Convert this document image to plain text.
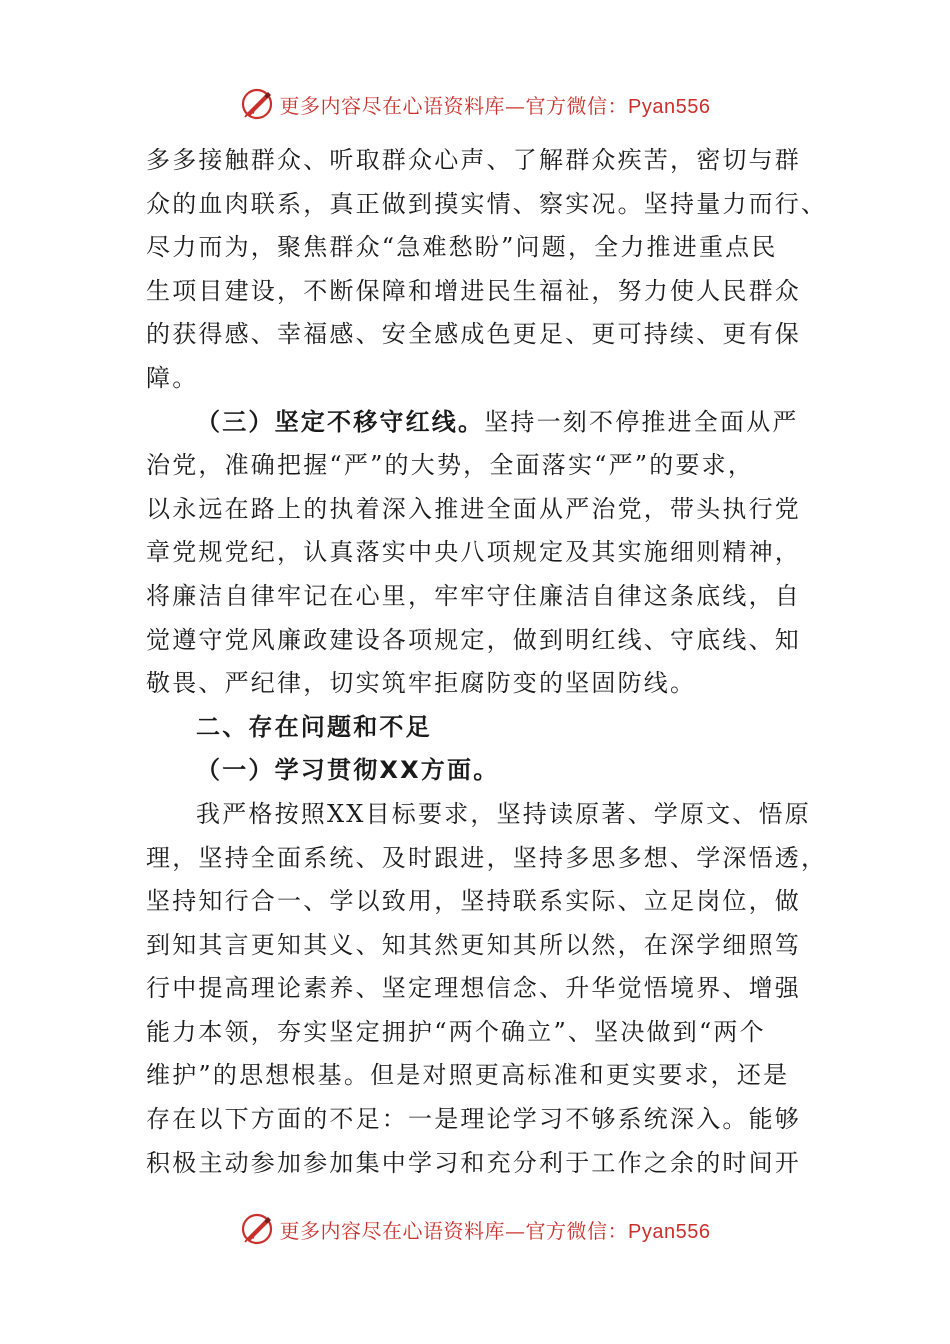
更多内容尽在心语资料库—官方微信：Pyan556
多多接触群众、听取群众心声、了解群众疾苦，密切与群
众的血肉联系，真正做到摸实情、察实况。坚持量力而行、
尽力而为，聚焦群众“急难愁盼”问题，全力推进重点民
生项目建设，不断保障和增进民生福祉，努力使人民群众
的获得感、幸福感、安全感成色更足、更可持续、更有保
障。
（三）坚定不移守红线。坚持一刻不停推进全面从严
治党，准确把握“严”的大势，全面落实“严”的要求，
以永远在路上的执着深入推进全面从严治党，带头执行党
章党规党纪，认真落实中央八项规定及其实施细则精神，
将廉洁自律牢记在心里，牢牢守住廉洁自律这条底线，自
觉遵守党风廉政建设各项规定，做到明红线、守底线、知
敬畏、严纪律，切实筑牢拒腐防变的坚固防线。
二、存在问题和不足
（一）学习贯彻XX方面。
我严格按照XX目标要求，坚持读原著、学原文、悟原
理，坚持全面系统、及时跟进，坚持多思多想、学深悟透，
坚持知行合一、学以致用，坚持联系实际、立足岗位，做
到知其言更知其义、知其然更知其所以然，在深学细照笃
行中提高理论素养、坚定理想信念、升华觉悟境界、增强
能力本领，夯实坚定拥护“两个确立”、坚决做到“两个
维护”的思想根基。但是对照更高标准和更实要求，还是
存在以下方面的不足：一是理论学习不够系统深入。能够
积极主动参加参加集中学习和充分利于工作之余的时间开
更多内容尽在心语资料库—官方微信：Pyan556
